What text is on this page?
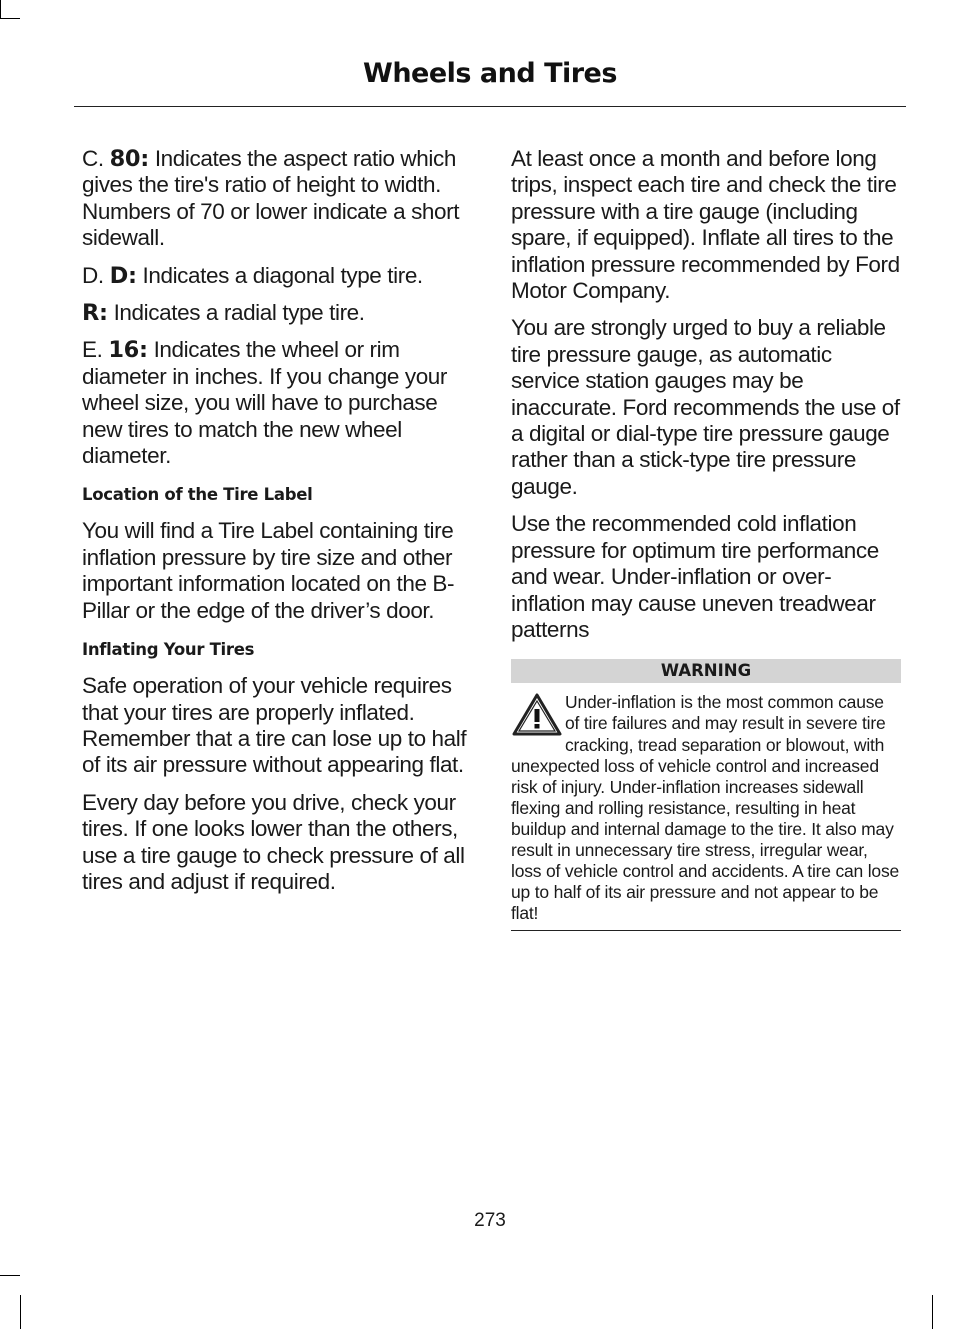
Wheels and Tires

C. 80: Indicates the aspect ratio which gives the tire's ratio of height to width. Numbers of 70 or lower indicate a short sidewall.

D. D: Indicates a diagonal type tire.

R: Indicates a radial type tire.

E. 16: Indicates the wheel or rim diameter in inches. If you change your wheel size, you will have to purchase new tires to match the new wheel diameter.

Location of the Tire Label

You will find a Tire Label containing tire inflation pressure by tire size and other important information located on the B-Pillar or the edge of the driver’s door.

Inflating Your Tires

Safe operation of your vehicle requires that your tires are properly inflated. Remember that a tire can lose up to half of its air pressure without appearing flat.

Every day before you drive, check your tires. If one looks lower than the others, use a tire gauge to check pressure of all tires and adjust if required.

At least once a month and before long trips, inspect each tire and check the tire pressure with a tire gauge (including spare, if equipped). Inflate all tires to the inflation pressure recommended by Ford Motor Company.

You are strongly urged to buy a reliable tire pressure gauge, as automatic service station gauges may be inaccurate. Ford recommends the use of a digital or dial-type tire pressure gauge rather than a stick-type tire pressure gauge.

Use the recommended cold inflation pressure for optimum tire performance and wear. Under-inflation or over-inflation may cause uneven treadwear patterns

WARNING
Under-inflation is the most common cause of tire failures and may result in severe tire cracking, tread separation or blowout, with unexpected loss of vehicle control and increased risk of injury. Under-inflation increases sidewall flexing and rolling resistance, resulting in heat buildup and internal damage to the tire. It also may result in unnecessary tire stress, irregular wear, loss of vehicle control and accidents. A tire can lose up to half of its air pressure and not appear to be flat!
273
